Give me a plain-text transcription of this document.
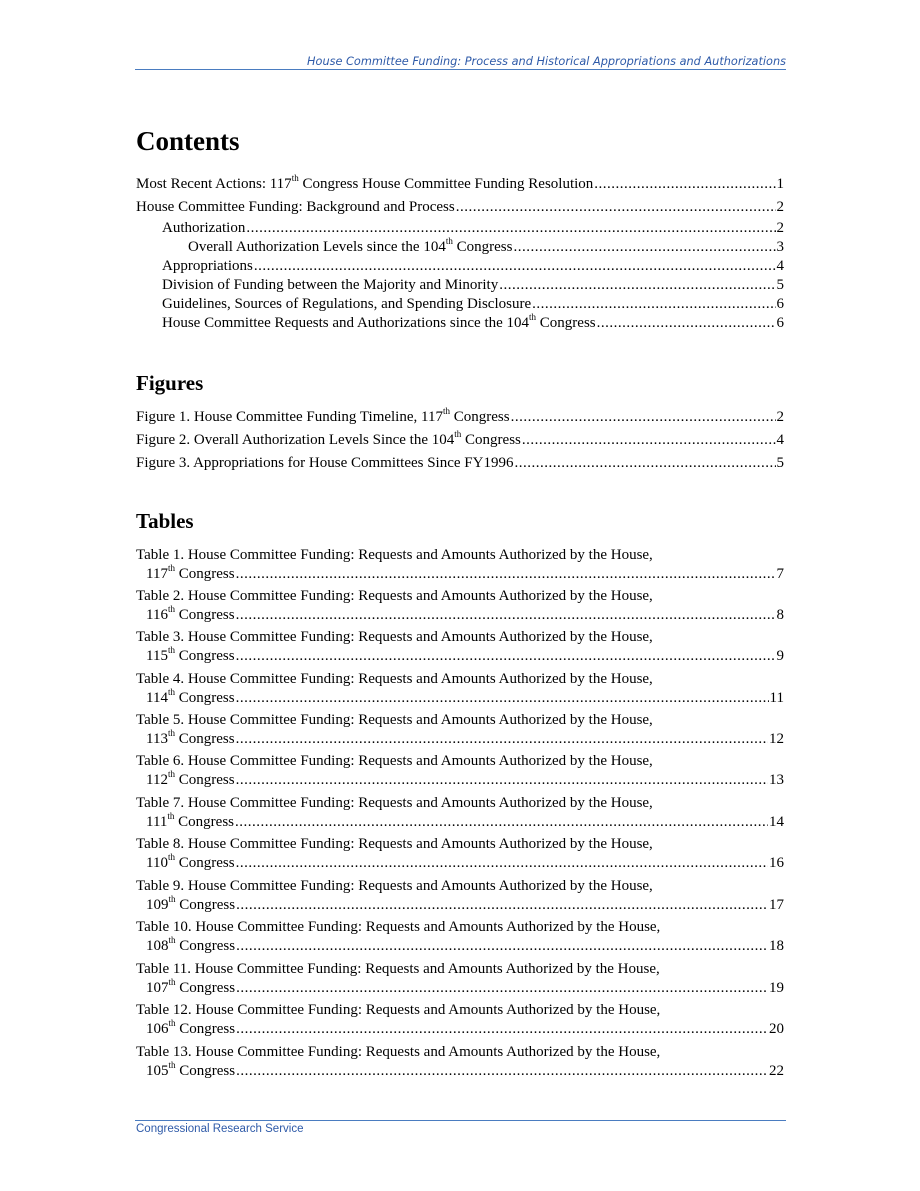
House Committee Funding: Process and Historical Appropriations and Authorizations
Contents
Most Recent Actions: 117th Congress House Committee Funding Resolution .....	1
House Committee Funding: Background and Process .....	2
Authorization .....	2
Overall Authorization Levels since the 104th Congress .....	3
Appropriations .....	4
Division of Funding between the Majority and Minority .....	5
Guidelines, Sources of Regulations, and Spending Disclosure .....	6
House Committee Requests and Authorizations since the 104th Congress .....	6
Figures
Figure 1. House Committee Funding Timeline, 117th Congress .....	2
Figure 2. Overall Authorization Levels Since the 104th Congress .....	4
Figure 3. Appropriations for House Committees Since FY1996 .....	5
Tables
Table 1. House Committee Funding: Requests and Amounts Authorized by the House,
117th Congress .....	7
Table 2. House Committee Funding: Requests and Amounts Authorized by the House,
116th Congress .....	8
Table 3. House Committee Funding: Requests and Amounts Authorized by the House,
115th Congress .....	9
Table 4. House Committee Funding: Requests and Amounts Authorized by the House,
114th Congress .....	11
Table 5. House Committee Funding: Requests and Amounts Authorized by the House,
113th Congress .....	12
Table 6. House Committee Funding: Requests and Amounts Authorized by the House,
112th Congress .....	13
Table 7. House Committee Funding: Requests and Amounts Authorized by the House,
111th Congress .....	14
Table 8. House Committee Funding: Requests and Amounts Authorized by the House,
110th Congress .....	16
Table 9. House Committee Funding: Requests and Amounts Authorized by the House,
109th Congress .....	17
Table 10. House Committee Funding: Requests and Amounts Authorized by the House,
108th Congress .....	18
Table 11. House Committee Funding: Requests and Amounts Authorized by the House,
107th Congress .....	19
Table 12. House Committee Funding: Requests and Amounts Authorized by the House,
106th Congress .....	20
Table 13. House Committee Funding: Requests and Amounts Authorized by the House,
105th Congress .....	22
Congressional Research Service
